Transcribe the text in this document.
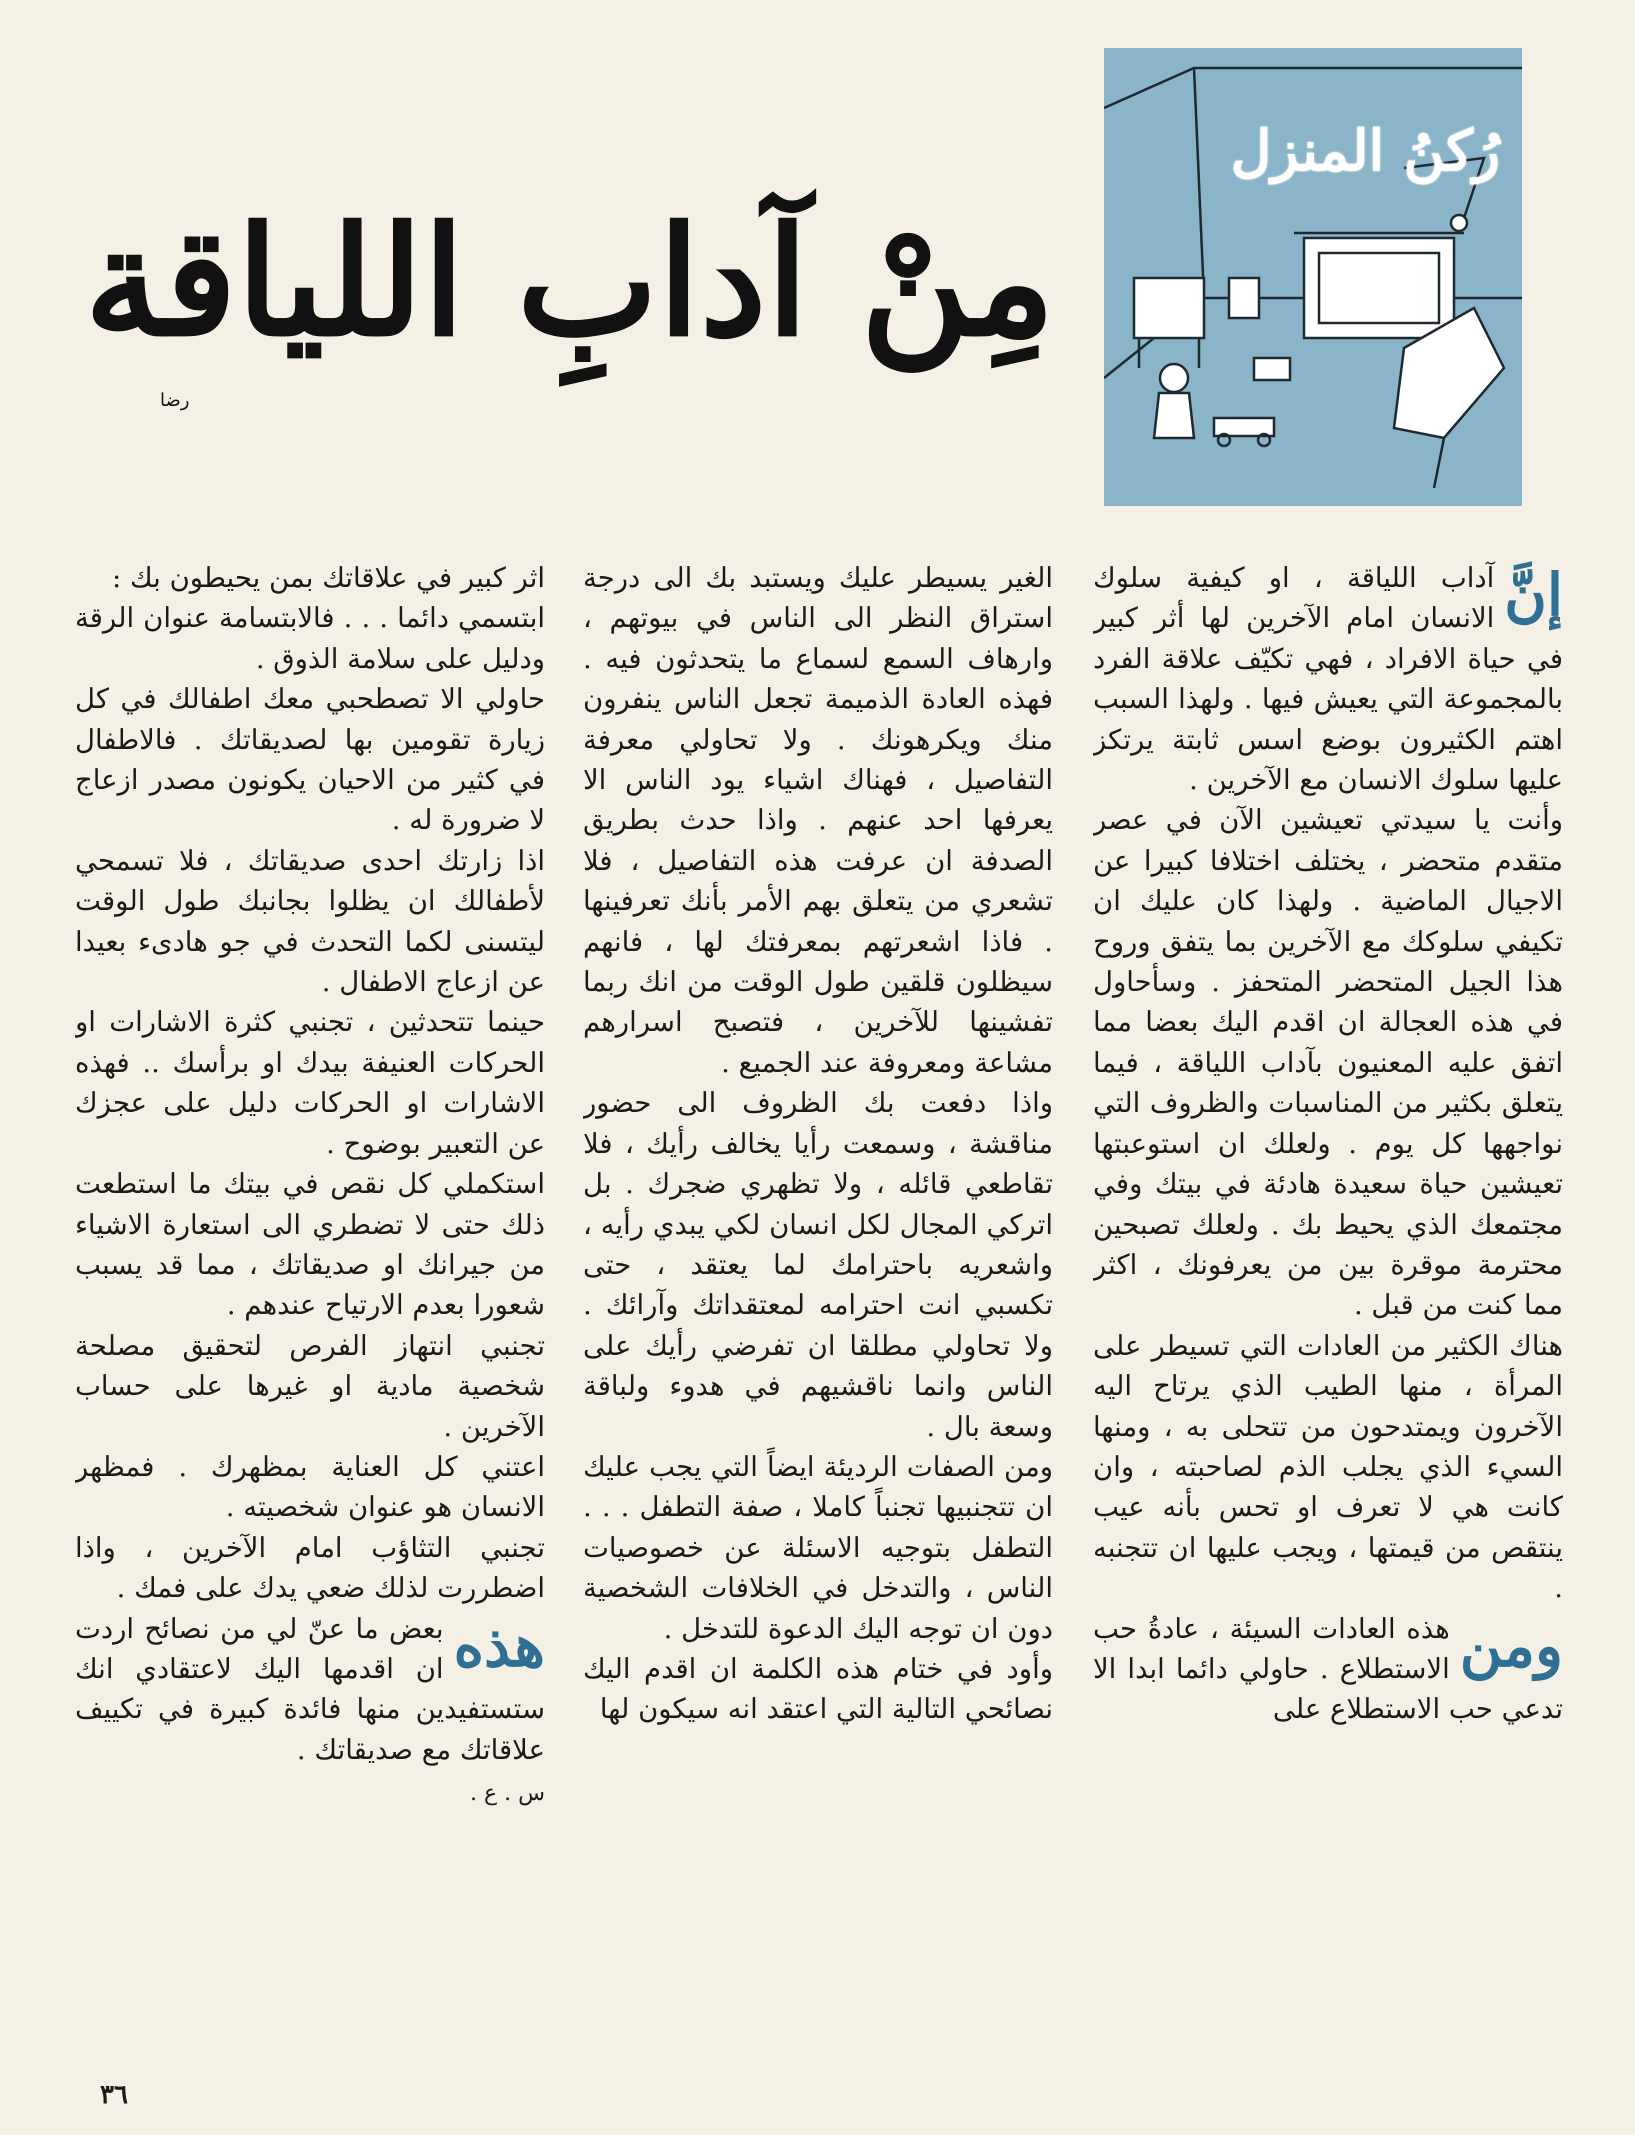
رُكنُ المنزل
مِنْ آدابِ اللياقة
رضا

إنَّ
آداب اللياقة ، او كيفية سلوك الانسان امام الآخرين لها أثر كبير في حياة الافراد ، فهي تكيّف علاقة الفرد بالمجموعة التي يعيش فيها . ولهذا السبب اهتم الكثيرون بوضع اسس ثابتة يرتكز عليها سلوك الانسان مع الآخرين .

وأنت يا سيدتي تعيشين الآن في عصر متقدم متحضر ، يختلف اختلافا كبيرا عن الاجيال الماضية . ولهذا كان عليك ان تكيفي سلوكك مع الآخرين بما يتفق وروح هذا الجيل المتحضر المتحفز . وسأحاول في هذه العجالة ان اقدم اليك بعضا مما اتفق عليه المعنيون بآداب اللياقة ، فيما يتعلق بكثير من المناسبات والظروف التي نواجهها كل يوم . ولعلك ان استوعبتها تعيشين حياة سعيدة هادئة في بيتك وفي مجتمعك الذي يحيط بك . ولعلك تصبحين محترمة موقرة بين من يعرفونك ، اكثر مما كنت من قبل .

هناك الكثير من العادات التي تسيطر على المرأة ، منها الطيب الذي يرتاح اليه الآخرون ويمتدحون من تتحلى به ، ومنها السيء الذي يجلب الذم لصاحبته ، وان كانت هي لا تعرف او تحس بأنه عيب ينتقص من قيمتها ، ويجب عليها ان تتجنبه .

ومن
هذه العادات السيئة ، عادةُ حب الاستطلاع . حاولي دائما ابدا الا تدعي حب الاستطلاع على

الغير يسيطر عليك ويستبد بك الى درجة استراق النظر الى الناس في بيوتهم ، وارهاف السمع لسماع ما يتحدثون فيه . فهذه العادة الذميمة تجعل الناس ينفرون منك ويكرهونك . ولا تحاولي معرفة التفاصيل ، فهناك اشياء يود الناس الا يعرفها احد عنهم . واذا حدث بطريق الصدفة ان عرفت هذه التفاصيل ، فلا تشعري من يتعلق بهم الأمر بأنك تعرفينها . فاذا اشعرتهم بمعرفتك لها ، فانهم سيظلون قلقين طول الوقت من انك ربما تفشينها للآخرين ، فتصبح اسرارهم مشاعة ومعروفة عند الجميع .

واذا دفعت بك الظروف الى حضور مناقشة ، وسمعت رأيا يخالف رأيك ، فلا تقاطعي قائله ، ولا تظهري ضجرك . بل اتركي المجال لكل انسان لكي يبدي رأيه ، واشعريه باحترامك لما يعتقد ، حتى تكسبي انت احترامه لمعتقداتك وآرائك . ولا تحاولي مطلقا ان تفرضي رأيك على الناس وانما ناقشيهم في هدوء ولباقة وسعة بال .

ومن الصفات الرديئة ايضاً التي يجب عليك ان تتجنبيها تجنباً كاملا ، صفة التطفل . . . التطفل بتوجيه الاسئلة عن خصوصيات الناس ، والتدخل في الخلافات الشخصية دون ان توجه اليك الدعوة للتدخل .

وأود في ختام هذه الكلمة ان اقدم اليك نصائحي التالية التي اعتقد انه سيكون لها

اثر كبير في علاقاتك بمن يحيطون بك :

ابتسمي دائما . . . فالابتسامة عنوان الرقة ودليل على سلامة الذوق .

حاولي الا تصطحبي معك اطفالك في كل زيارة تقومين بها لصديقاتك . فالاطفال في كثير من الاحيان يكونون مصدر ازعاج لا ضرورة له .

اذا زارتك احدى صديقاتك ، فلا تسمحي لأطفالك ان يظلوا بجانبك طول الوقت ليتسنى لكما التحدث في جو هادىء بعيدا عن ازعاج الاطفال .

حينما تتحدثين ، تجنبي كثرة الاشارات او الحركات العنيفة بيدك او برأسك .. فهذه الاشارات او الحركات دليل على عجزك عن التعبير بوضوح .

استكملي كل نقص في بيتك ما استطعت ذلك حتى لا تضطري الى استعارة الاشياء من جيرانك او صديقاتك ، مما قد يسبب شعورا بعدم الارتياح عندهم .

تجنبي انتهاز الفرص لتحقيق مصلحة شخصية مادية او غيرها على حساب الآخرين .

اعتني كل العناية بمظهرك . فمظهر الانسان هو عنوان شخصيته .

تجنبي التثاؤب امام الآخرين ، واذا اضطررت لذلك ضعي يدك على فمك .

هذه
بعض ما عنّ لي من نصائح اردت ان اقدمها اليك لاعتقادي انك ستستفيدين منها فائدة كبيرة في تكييف علاقاتك مع صديقاتك .
س . ع .

٣٦
